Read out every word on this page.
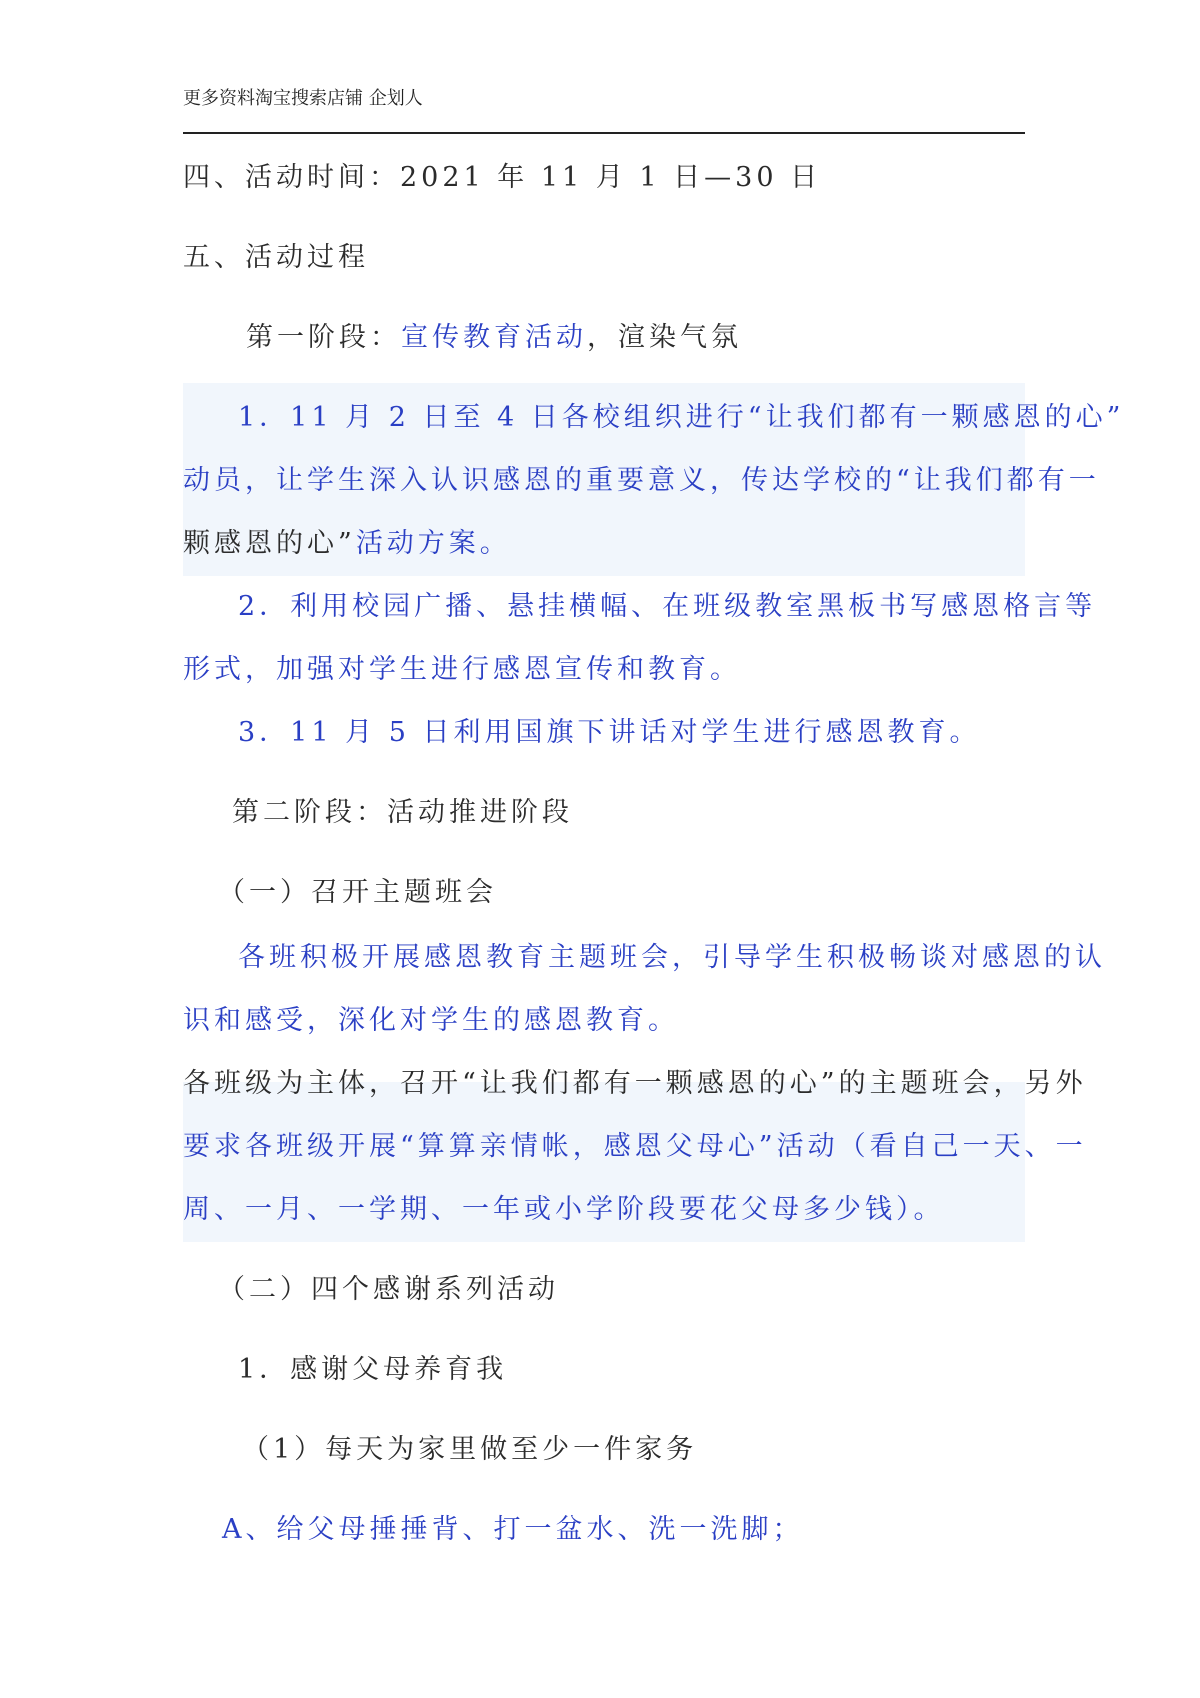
更多资料淘宝搜索店铺 企划人
四、活动时间：2021 年 11 月 1 日—30 日
五、活动过程
第一阶段：宣传教育活动，渲染气氛
1．11 月 2 日至 4 日各校组织进行“让我们都有一颗感恩的心”
动员，让学生深入认识感恩的重要意义，传达学校的“让我们都有一
颗感恩的心”活动方案。
2．利用校园广播、悬挂横幅、在班级教室黑板书写感恩格言等
形式，加强对学生进行感恩宣传和教育。
3．11 月 5 日利用国旗下讲话对学生进行感恩教育。
第二阶段：活动推进阶段
（一）召开主题班会
各班积极开展感恩教育主题班会，引导学生积极畅谈对感恩的认
识和感受，深化对学生的感恩教育。
各班级为主体，召开“让我们都有一颗感恩的心”的主题班会，另外
要求各班级开展“算算亲情帐，感恩父母心”活动（看自己一天、一
周、一月、一学期、一年或小学阶段要花父母多少钱）。
（二）四个感谢系列活动
1．感谢父母养育我
（1）每天为家里做至少一件家务
A、给父母捶捶背、打一盆水、洗一洗脚；
